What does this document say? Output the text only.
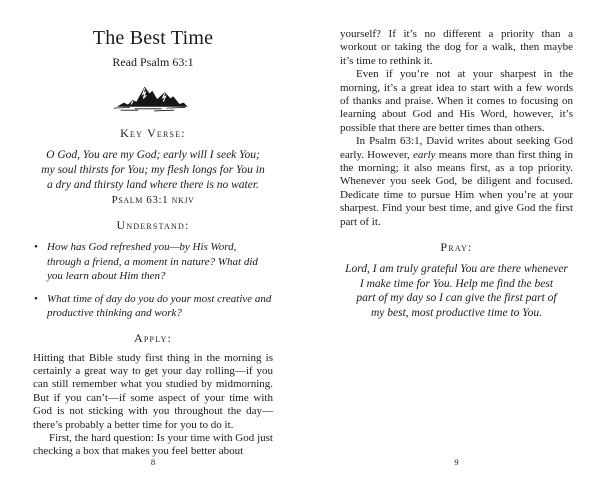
The Best Time
Read Psalm 63:1
Key Verse:
O God, You are my God; early will I seek You;
my soul thirsts for You; my flesh longs for You in
a dry and thirsty land where there is no water.
Psalm 63:1 nkjv
Understand:
• How has God refreshed you—by His Word, through a friend, a moment in nature? What did you learn about Him then?
• What time of day do you do your most creative and productive thinking and work?
Apply:

Hitting that Bible study first thing in the morning is certainly a great way to get your day rolling—if you can still remember what you studied by midmorning. But if you can’t—if some aspect of your time with God is not sticking with you throughout the day—there’s probably a better time for you to do it.

First, the hard question: Is your time with God just checking a box that makes you feel better about

8

yourself? If it’s no different a priority than a workout or taking the dog for a walk, then maybe it’s time to rethink it.

Even if you’re not at your sharpest in the morning, it’s a great idea to start with a few words of thanks and praise. When it comes to focusing on learning about God and His Word, however, it’s possible that there are better times than others.

In Psalm 63:1, David writes about seeking God early. However, early means more than first thing in the morning; it also means first, as a top priority. Whenever you seek God, be diligent and focused. Dedicate time to pursue Him when you’re at your sharpest. Find your best time, and give God the first part of it.

Pray:
Lord, I am truly grateful You are there whenever
I make time for You. Help me find the best
part of my day so I can give the first part of
my best, most productive time to You.
9
